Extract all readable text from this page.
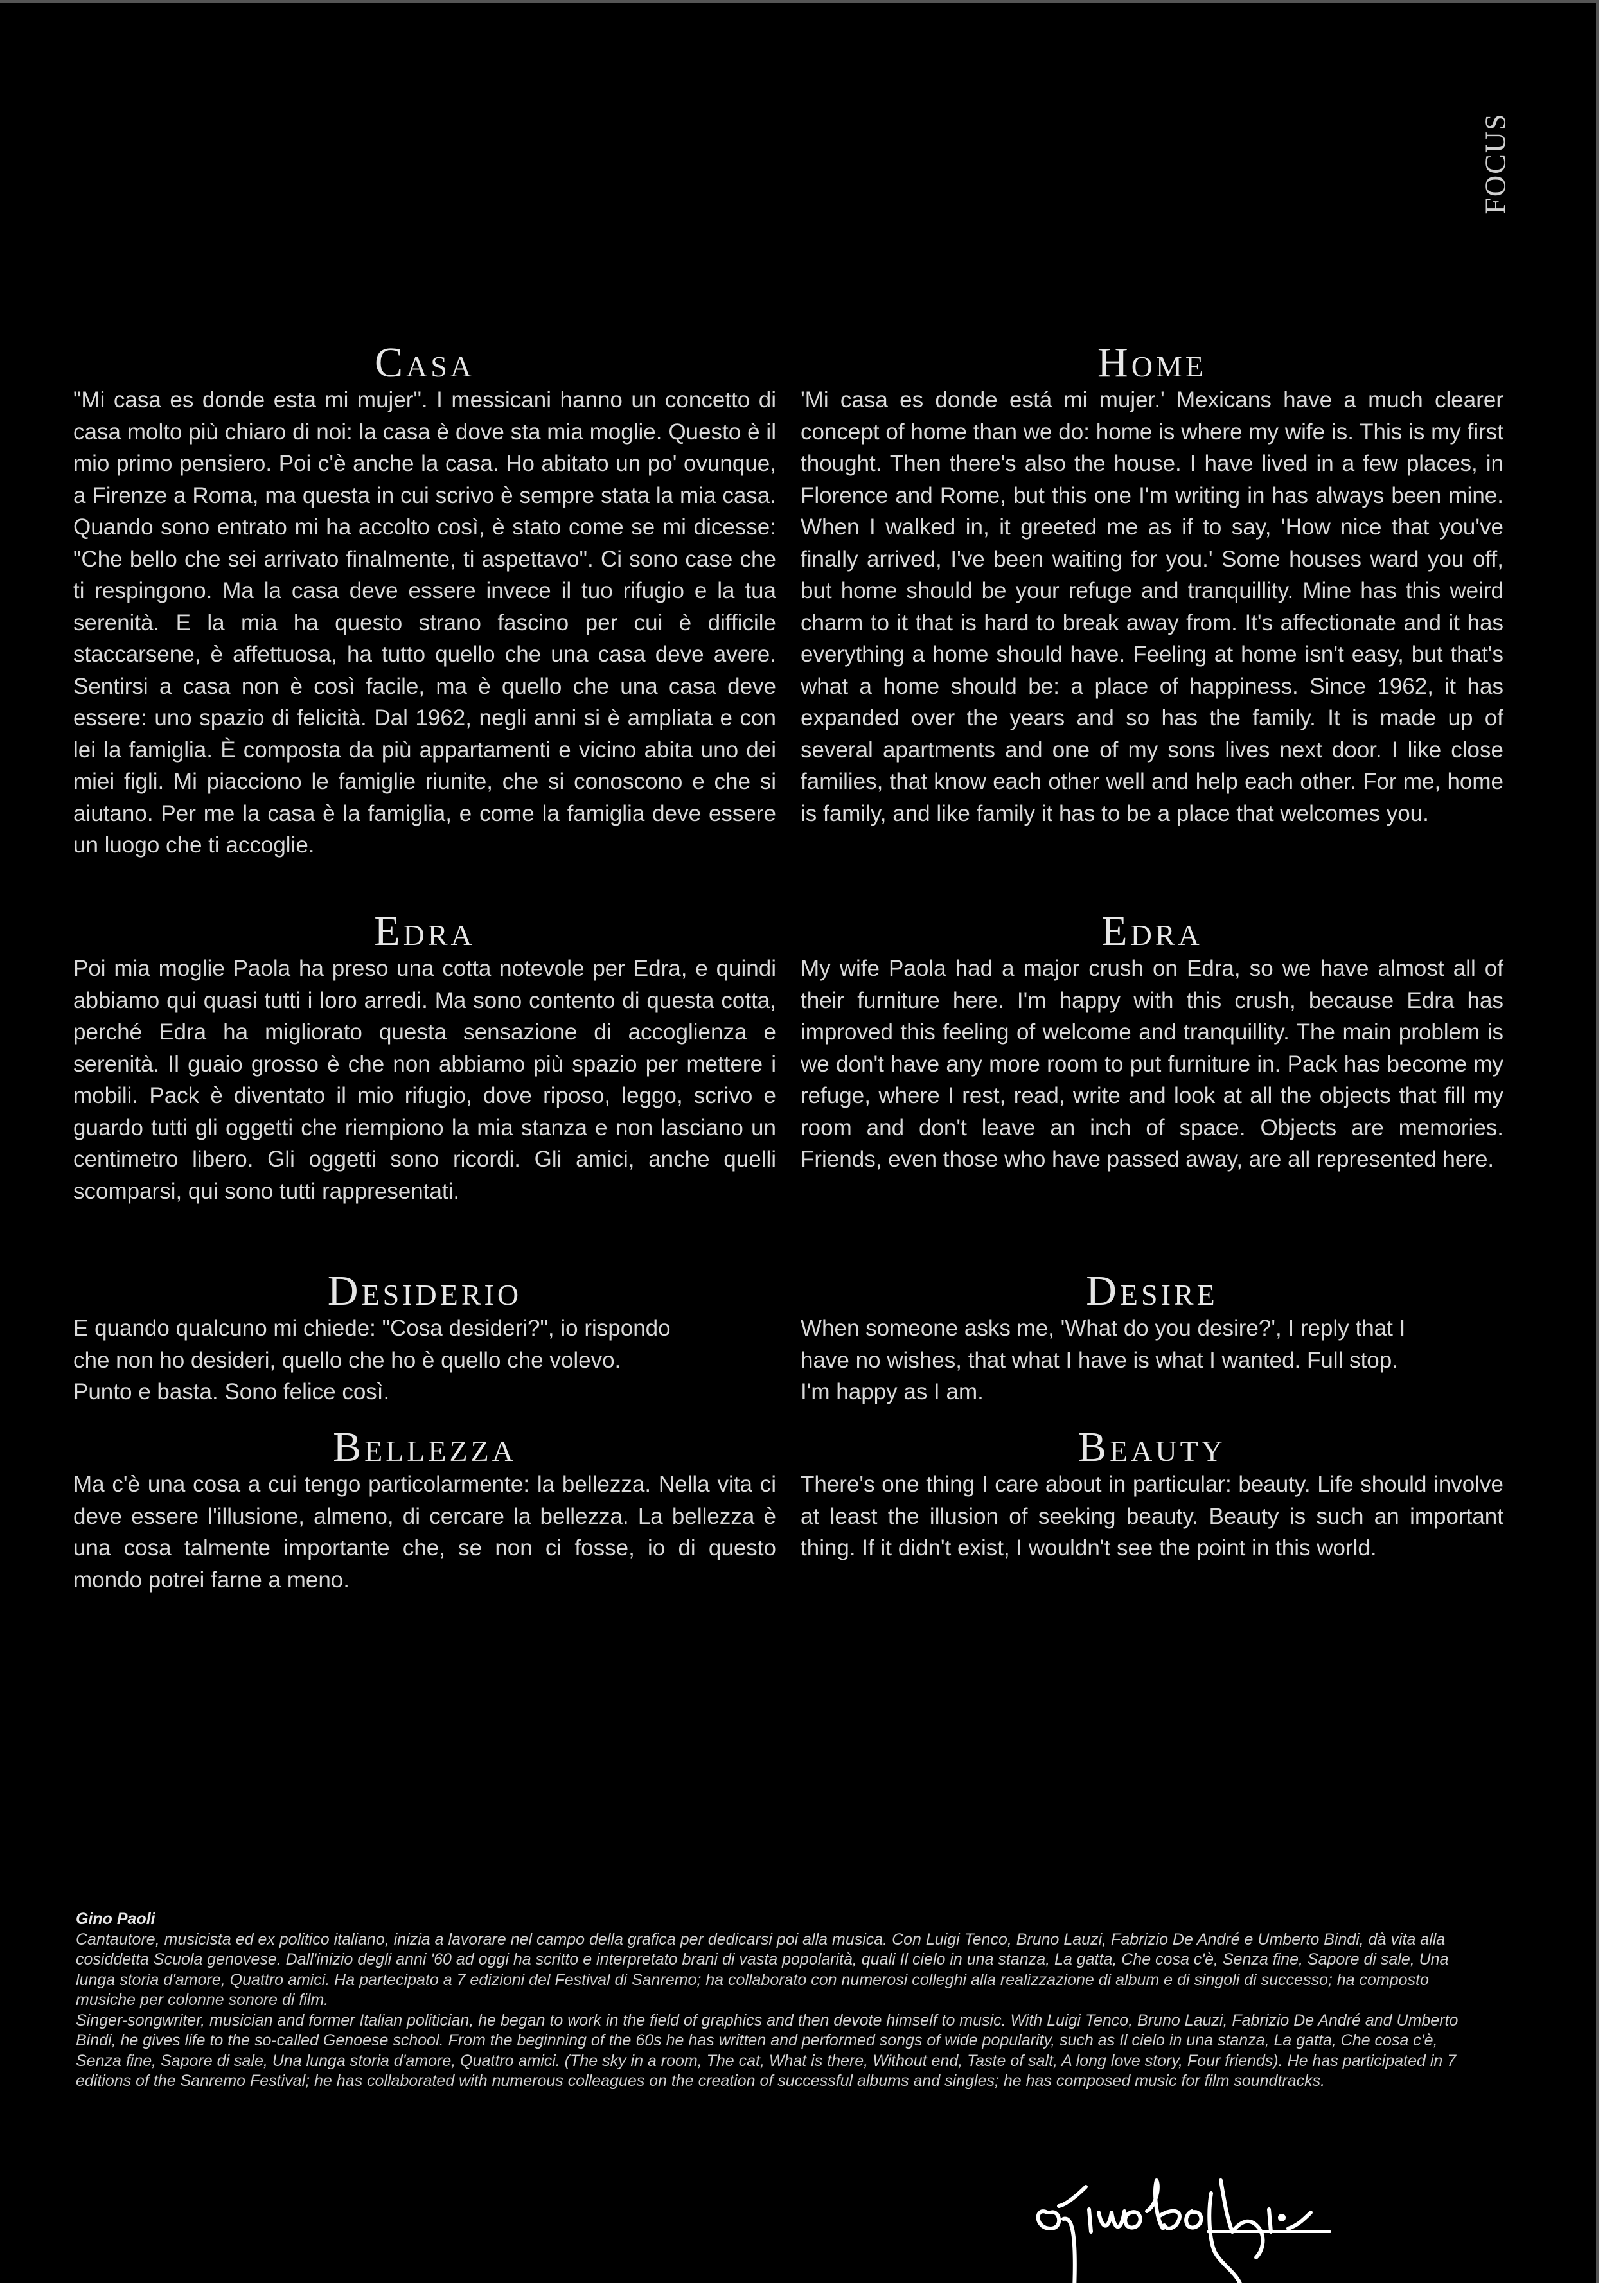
FOCUS
Casa

"Mi casa es donde esta mi mujer". I messicani hanno un concetto di casa molto più chiaro di noi: la casa è dove sta mia moglie. Questo è il mio primo pensiero. Poi c'è anche la casa. Ho abitato un po' ovunque, a Firenze a Roma, ma questa in cui scrivo è sempre stata la mia casa. Quando sono entrato mi ha accolto così, è stato come se mi dicesse: "Che bello che sei arrivato finalmente, ti aspettavo". Ci sono case che ti respingono. Ma la casa deve essere invece il tuo rifugio e la tua serenità. E la mia ha questo strano fascino per cui è difficile staccarsene, è affettuosa, ha tutto quello che una casa deve avere. Sentirsi a casa non è così facile, ma è quello che una casa deve essere: uno spazio di felicità. Dal 1962, negli anni si è ampliata e con lei la famiglia. È composta da più appartamenti e vicino abita uno dei miei figli. Mi piacciono le famiglie riunite, che si conoscono e che si aiutano. Per me la casa è la famiglia, e come la famiglia deve essere un luogo che ti accoglie.

Edra

Poi mia moglie Paola ha preso una cotta notevole per Edra, e quindi abbiamo qui quasi tutti i loro arredi. Ma sono contento di questa cotta, perché Edra ha migliorato questa sensazione di accoglienza e serenità. Il guaio grosso è che non abbiamo più spazio per mettere i mobili. Pack è diventato il mio rifugio, dove riposo, leggo, scrivo e guardo tutti gli oggetti che riempiono la mia stanza e non lasciano un centimetro libero. Gli oggetti sono ricordi. Gli amici, anche quelli scomparsi, qui sono tutti rappresentati.

Desiderio

E quando qualcuno mi chiede: "Cosa desideri?", io rispondo

che non ho desideri, quello che ho è quello che volevo.

Punto e basta. Sono felice così.

Bellezza

Ma c'è una cosa a cui tengo particolarmente: la bellezza. Nella vita ci deve essere l'illusione, almeno, di cercare la bellezza. La bellezza è una cosa talmente importante che, se non ci fosse, io di questo mondo potrei farne a meno.

Home

'Mi casa es donde está mi mujer.' Mexicans have a much clearer concept of home than we do: home is where my wife is. This is my first thought. Then there's also the house. I have lived in a few places, in Florence and Rome, but this one I'm writing in has always been mine. When I walked in, it greeted me as if to say, 'How nice that you've finally arrived, I've been waiting for you.' Some houses ward you off, but home should be your refuge and tranquillity. Mine has this weird charm to it that is hard to break away from. It's affectionate and it has everything a home should have. Feeling at home isn't easy, but that's what a home should be: a place of happiness. Since 1962, it has expanded over the years and so has the family. It is made up of several apartments and one of my sons lives next door. I like close families, that know each other well and help each other. For me, home is family, and like family it has to be a place that welcomes you.

Edra

My wife Paola had a major crush on Edra, so we have almost all of their furniture here. I'm happy with this crush, because Edra has improved this feeling of welcome and tranquillity. The main problem is we don't have any more room to put furniture in. Pack has become my refuge, where I rest, read, write and look at all the objects that fill my room and don't leave an inch of space. Objects are memories. Friends, even those who have passed away, are all represented here.

Desire

When someone asks me, 'What do you desire?', I reply that I

have no wishes, that what I have is what I wanted. Full stop.

I'm happy as I am.

Beauty

There's one thing I care about in particular: beauty. Life should involve at least the illusion of seeking beauty. Beauty is such an important thing. If it didn't exist, I wouldn't see the point in this world.

Gino Paoli

Cantautore, musicista ed ex politico italiano, inizia a lavorare nel campo della grafica per dedicarsi poi alla musica. Con Luigi Tenco, Bruno Lauzi, Fabrizio De André e Umberto Bindi, dà vita alla cosiddetta Scuola genovese. Dall'inizio degli anni '60 ad oggi ha scritto e interpretato brani di vasta popolarità, quali Il cielo in una stanza, La gatta, Che cosa c'è, Senza fine, Sapore di sale, Una lunga storia d'amore, Quattro amici. Ha partecipato a 7 edizioni del Festival di Sanremo; ha collaborato con numerosi colleghi alla realizzazione di album e di singoli di successo; ha composto musiche per colonne sonore di film.

Singer-songwriter, musician and former Italian politician, he began to work in the field of graphics and then devote himself to music. With Luigi Tenco, Bruno Lauzi, Fabrizio De André and Umberto Bindi, he gives life to the so-called Genoese school. From the beginning of the 60s he has written and performed songs of wide popularity, such as Il cielo in una stanza, La gatta, Che cosa c'è, Senza fine, Sapore di sale, Una lunga storia d'amore, Quattro amici. (The sky in a room, The cat, What is there, Without end, Taste of salt, A long love story, Four friends). He has participated in 7 editions of the Sanremo Festival; he has collaborated with numerous colleagues on the creation of successful albums and singles; he has composed music for film soundtracks.
